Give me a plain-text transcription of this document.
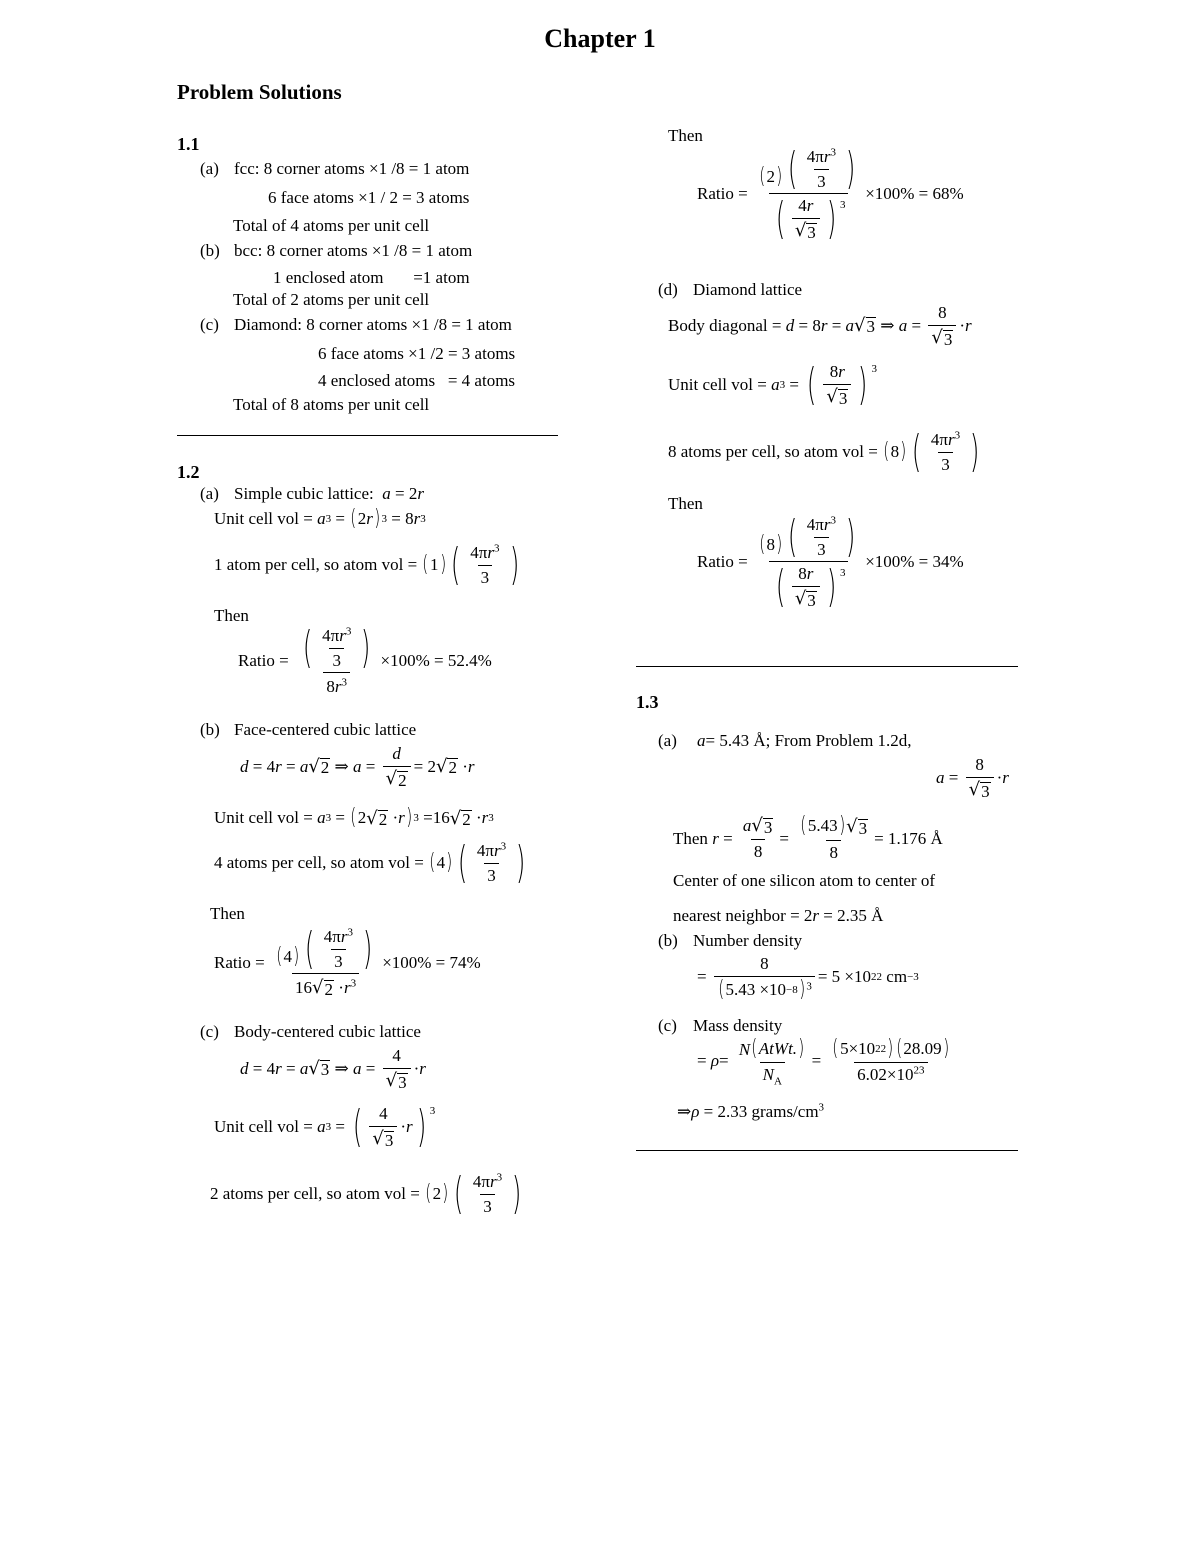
Chapter 1
Problem Solutions
1.1
(a) fcc: 8 corner atoms ×1 /8 = 1 atom
6 face atoms ×1 / 2 = 3 atoms
Total of 4 atoms per unit cell
(b) bcc: 8 corner atoms ×1 /8 = 1 atom
1 enclosed atom       =1 atom
Total of 2 atoms per unit cell
(c) Diamond: 8 corner atoms ×1 /8 = 1 atom
6 face atoms ×1 /2 = 3 atoms
4 enclosed atoms   = 4 atoms
Total of 8 atoms per unit cell
1.2
(a) Simple cubic lattice: a = 2r
Unit cell vol = a 3 = ( 2 r ) 3 = 8 r 3
1 atom per cell, so atom vol = ( 1 ) ( $\frac{4\pi r^3}{3}$ )
Then
Ratio = $\frac{( \frac{4\pi r^3}{3} )}{8r^3} \times 100\% = 52.4\%$
(b) Face-centered cubic lattice
d = 4 r = a √ 2 ⇒ $a = \frac{d}{√ 2} = 2$ √ 2 · r
Unit cell vol = a 3 = ( 2 √ 2 · r ) 3 =16 √ 2 · r 3
4 atoms per cell, so atom vol = ( 4 ) ( $\frac{4\pi r^3}{3}$ )
Then
Ratio = $\frac{( 4 ) ( \frac{4\pi r^3}{3} )}{16 √ 2 \cdot r^3} \times 100\% = 74\%$
(c) Body-centered cubic lattice
d = 4 r = a √ 3 ⇒ $a = \frac{4}{√ 3} \cdot r$
Unit cell vol = a 3 = ( $\frac{4}{√ 3} \cdot r$ ) $^3$
2 atoms per cell, so atom vol = ( 2 ) ( $\frac{4\pi r^3}{3}$ )
Then
Ratio = $\frac{( 2 ) ( \frac{4\pi r^3}{3} )}{( \frac{4r}{√ 3} ) ^3} \times 100\% = 68\%$
(d) Diamond lattice
Body diagonal = d = 8 r = a √ 3 ⇒ $a = \frac{8}{√ 3} \cdot r$
Unit cell vol = a 3 = ( $\frac{8r}{√ 3}$ ) $^3$
8 atoms per cell, so atom vol = ( 8 ) ( $\frac{4\pi r^3}{3}$ )
Then
Ratio = $\frac{( 8 ) ( \frac{4\pi r^3}{3} )}{( \frac{8r}{√ 3} ) ^3} \times 100\% = 34\%$
1.3
(a) a= 5.43 Å; From Problem 1.2d,
$a = \frac{8}{√ 3} \cdot r$
Then
$r = \frac{a √ 3}{8} = \frac{( 5.43 ) √ 3}{8} = 1.176$ Å
Center of one silicon atom to center of
nearest neighbor = 2r = 2.35 Å
(b) Number density
= $\frac{8}{( 5.43 \times 10 -8 ) ^3} = 5 \times 10$ 22
cm −3
(c) Mass density
= $\rho = \frac{\text{N ( AtWt. )}}{N_A} = \frac{( 5\times 10 22 ) ( 28.09 )}{6.02\times 10^{23}}$
⇒ρ = 2.33 grams/$cm^3$
